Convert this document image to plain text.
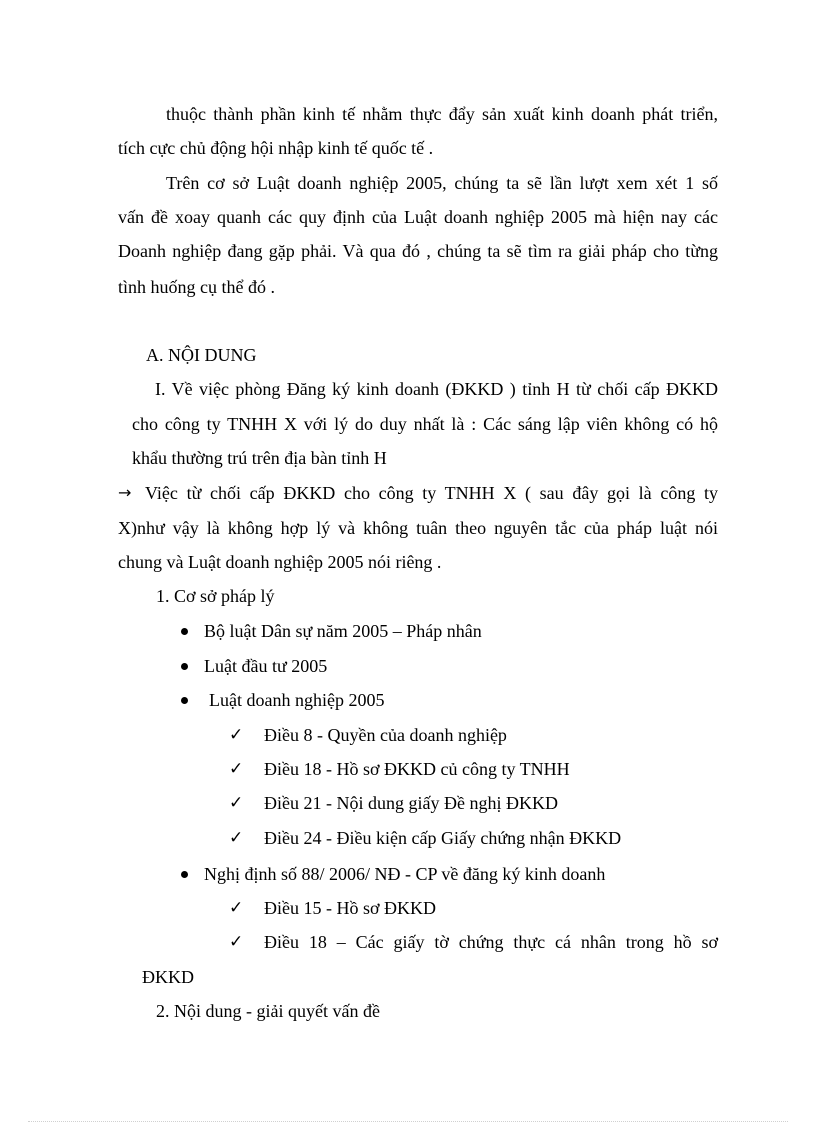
thuộc thành phần kinh tế nhằm thực đẩy sản xuất kinh doanh phát triển,
tích cực chủ động hội nhập kinh tế quốc tế .
Trên cơ sở Luật doanh nghiệp 2005, chúng ta sẽ lần lượt xem xét 1 số
vấn đề xoay quanh các quy định của Luật doanh nghiệp 2005 mà hiện nay các
Doanh nghiệp đang gặp phải. Và qua đó , chúng ta sẽ tìm ra giải pháp cho từng
tình huống cụ thể đó .
A. NỘI DUNG
I. Về việc phòng Đăng ký kinh doanh (ĐKKD ) tỉnh H từ chối cấp ĐKKD
cho công ty TNHH X với lý do duy nhất là : Các sáng lập viên không có hộ
khẩu thường trú trên địa bàn tỉnh H
→ Việc từ chối cấp ĐKKD cho công ty TNHH X ( sau đây gọi là công ty
X)như vậy là không hợp lý và không tuân theo nguyên tắc của pháp luật nói
chung và Luật doanh nghiệp 2005 nói riêng .
1. Cơ sở pháp lý
Bộ luật Dân sự năm 2005 – Pháp nhân
Luật đầu tư 2005
Luật doanh nghiệp 2005
✓ Điều 8 - Quyền của doanh nghiệp
✓ Điều 18 - Hồ sơ ĐKKD củ công ty TNHH
✓ Điều 21 - Nội dung giấy Đề nghị ĐKKD
✓ Điều 24 - Điều kiện cấp Giấy chứng nhận ĐKKD
Nghị định số 88/ 2006/ NĐ - CP về đăng ký kinh doanh
✓ Điều 15 - Hồ sơ ĐKKD
✓ Điều 18 – Các giấy tờ chứng thực cá nhân trong hồ sơ
ĐKKD
2. Nội dung - giải quyết vấn đề
